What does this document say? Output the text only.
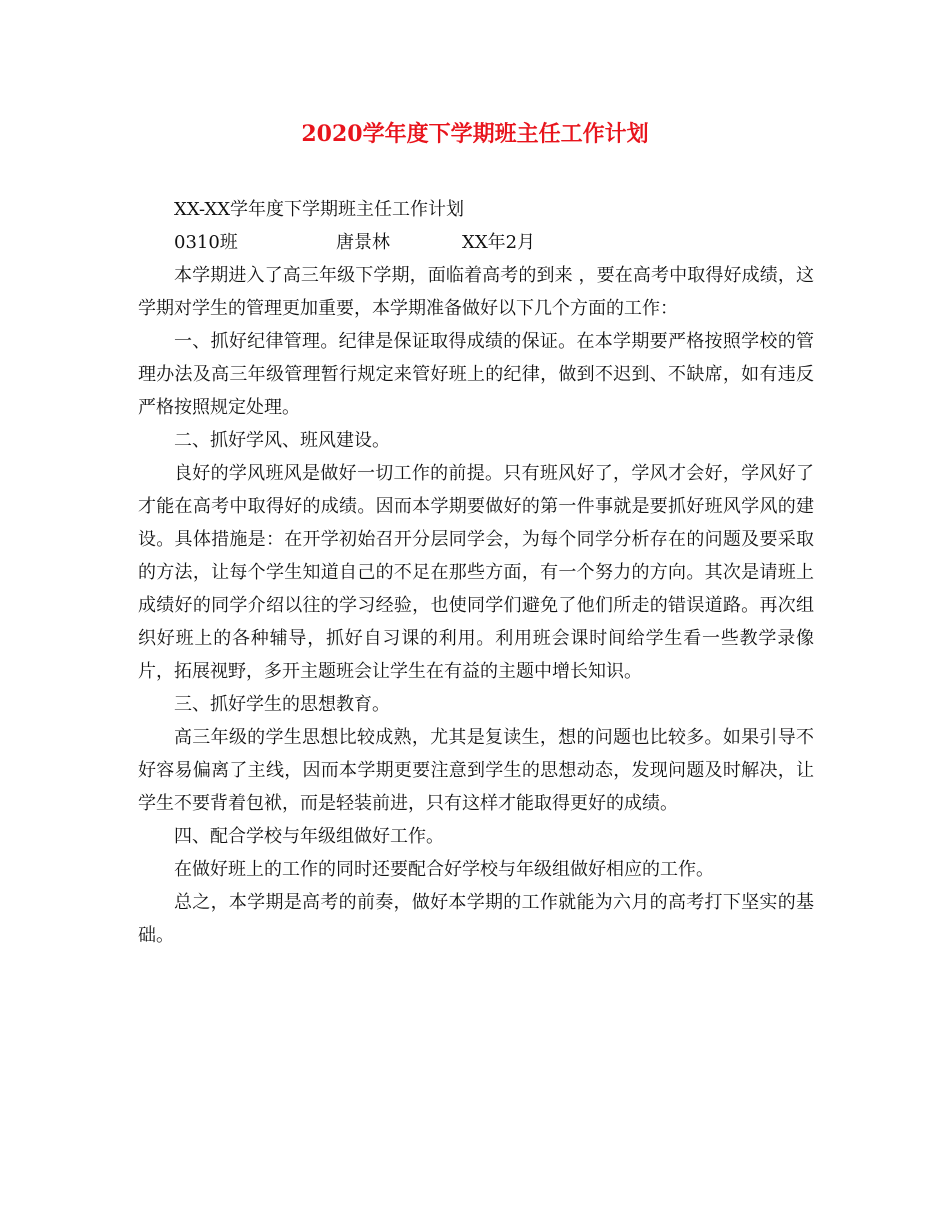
2020学年度下学期班主任工作计划

XX-XX学年度下学期班主任工作计划

0310班	唐景林	XX年2月

本学期进入了高三年级下学期，面临着高考的到来 ，要在高考中取得好成绩，这学期对学生的管理更加重要，本学期准备做好以下几个方面的工作：

一、抓好纪律管理。纪律是保证取得成绩的保证。在本学期要严格按照学校的管理办法及高三年级管理暂行规定来管好班上的纪律，做到不迟到、不缺席，如有违反严格按照规定处理。

二、抓好学风、班风建设。

良好的学风班风是做好一切工作的前提。只有班风好了，学风才会好，学风好了才能在高考中取得好的成绩。因而本学期要做好的第一件事就是要抓好班风学风的建设。具体措施是：在开学初始召开分层同学会，为每个同学分析存在的问题及要采取的方法，让每个学生知道自己的不足在那些方面，有一个努力的方向。其次是请班上成绩好的同学介绍以往的学习经验，也使同学们避免了他们所走的错误道路。再次组织好班上的各种辅导，抓好自习课的利用。利用班会课时间给学生看一些教学录像片，拓展视野，多开主题班会让学生在有益的主题中增长知识。

三、抓好学生的思想教育。

高三年级的学生思想比较成熟，尤其是复读生，想的问题也比较多。如果引导不好容易偏离了主线，因而本学期更要注意到学生的思想动态，发现问题及时解决，让学生不要背着包袱，而是轻装前进，只有这样才能取得更好的成绩。

四、配合学校与年级组做好工作。

在做好班上的工作的同时还要配合好学校与年级组做好相应的工作。

总之，本学期是高考的前奏，做好本学期的工作就能为六月的高考打下坚实的基础。
